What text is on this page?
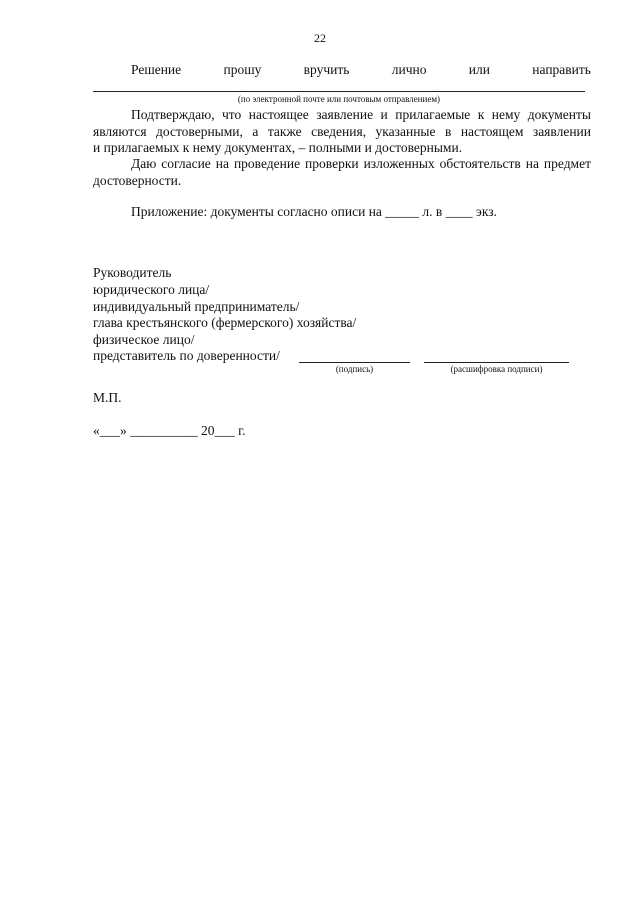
22
Решение	прошу	вручить	лично	или	направить
(по электронной почте или почтовым отправлением)
Подтверждаю, что настоящее заявление и прилагаемые к нему документы
являются достоверными, а также сведения, указанные в настоящем заявлении
и прилагаемых к нему документах, – полными и достоверными.
Даю согласие на проведение проверки изложенных обстоятельств на предмет
достоверности.
Приложение: документы согласно описи на _____ л. в ____ экз.
Руководитель
юридического лица/
индивидуальный предприниматель/
глава крестьянского (фермерского) хозяйства/
физическое лицо/
представитель по доверенности/
(подпись)	(расшифровка подписи)
М.П.
«___» __________ 20___ г.
